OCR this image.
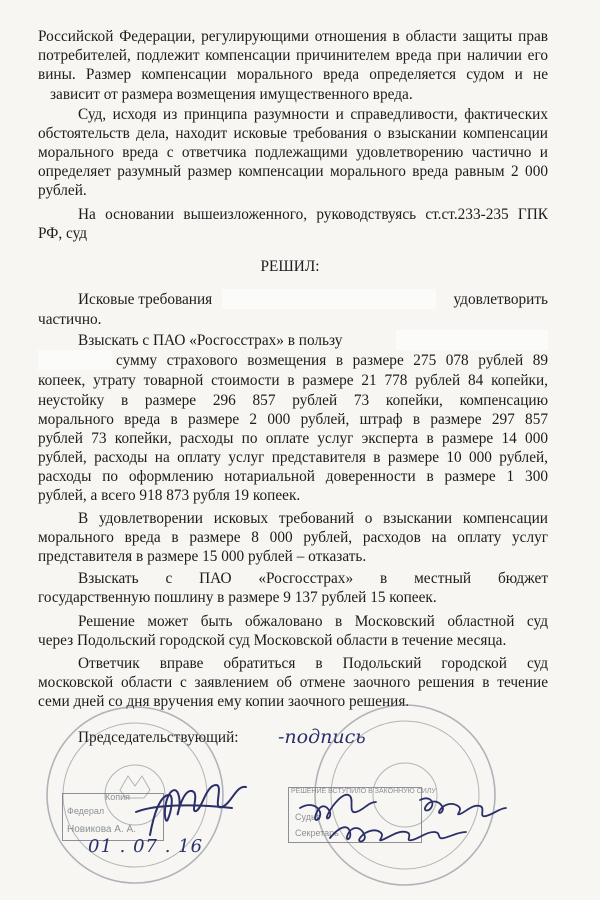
Российской Федерации, регулирующими отношения в области защиты прав
потребителей, подлежит компенсации причинителем вреда при наличии его
вины. Размер компенсации морального вреда определяется судом и не
зависит от размера возмещения имущественного вреда.
Суд, исходя из принципа разумности и справедливости, фактических
обстоятельств дела, находит исковые требования о взыскании компенсации
морального вреда с ответчика подлежащими удовлетворению частично и
определяет разумный размер компенсации морального вреда равным 2 000
рублей.
На основании вышеизложенного, руководствуясь ст.ст.233-235 ГПК
РФ, суд
РЕШИЛ:
Исковые требования	удовлетворить
частично.
Взыскать с ПАО «Росгосстрах» в пользу
сумму страхового возмещения в размере 275 078 рублей 89
копеек, утрату товарной стоимости в размере 21 778 рублей 84 копейки,
неустойку в размере 296 857 рублей 73 копейки, компенсацию
морального вреда в размере 2 000 рублей, штраф в размере 297 857
рублей 73 копейки, расходы по оплате услуг эксперта в размере 14 000
рублей, расходы на оплату услуг представителя в размере 10 000 рублей,
расходы по оформлению нотариальной доверенности в размере 1 300
рублей, а всего 918 873 рубля 19 копеек.
В удовлетворении исковых требований о взыскании компенсации
морального вреда в размере 8 000 рублей, расходов на оплату услуг
представителя в размере 15 000 рублей – отказать.
Взыскать с ПАО «Росгосстрах» в местный бюджет
государственную пошлину в размере 9 137 рублей 15 копеек.
Решение может быть обжаловано в Московский областной суд
через Подольский городской суд Московской области в течение месяца.
Ответчик вправе обратиться в Подольский городской суд
московской области с заявлением об отмене заочного решения в течение
семи дней со дня вручения ему копии заочного решения.
Председательствующий: -подпись
Копия
Федерал
Новикова А. А.
РЕШЕНИЕ ВСТУПИЛО В ЗАКОННУЮ СИЛУ
Судья
Секретарь
01 . 07 . 16
